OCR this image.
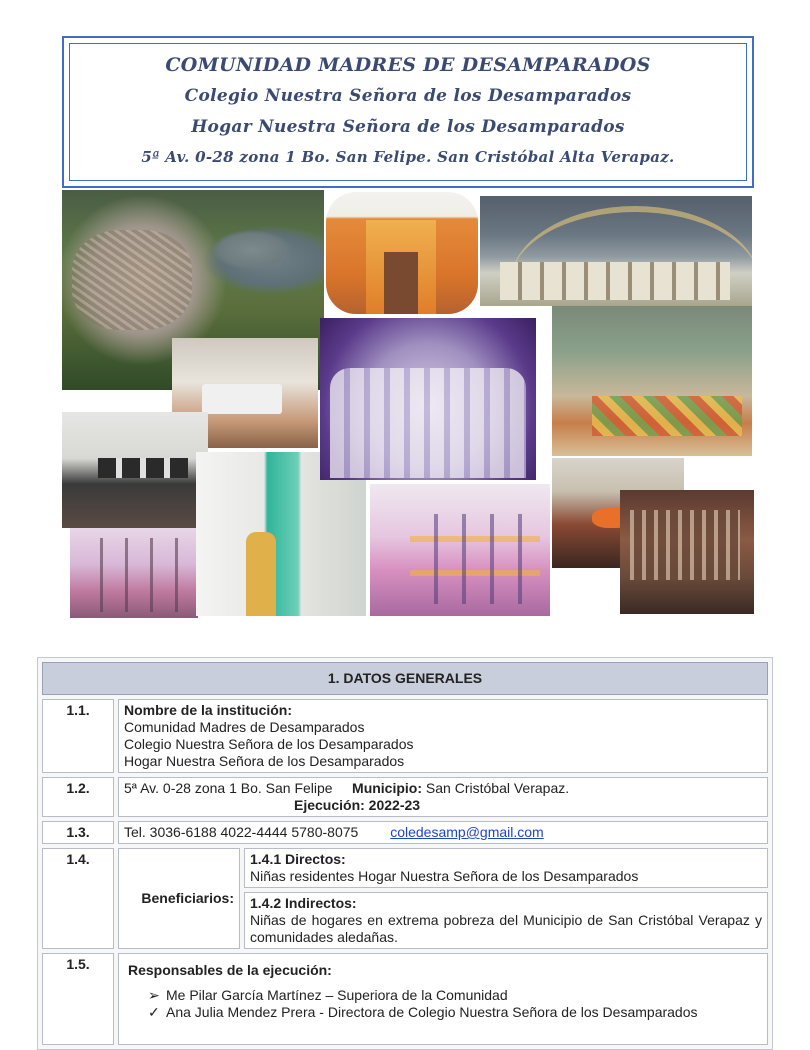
COMUNIDAD MADRES DE DESAMPARADOS
Colegio Nuestra Señora de los Desamparados
Hogar Nuestra Señora de los Desamparados
5ª Av. 0-28 zona 1 Bo. San Felipe. San Cristóbal Alta Verapaz.
1. DATOS GENERALES
1.1.	Nombre de la institución:
Comunidad Madres de Desamparados
Colegio Nuestra Señora de los Desamparados
Hogar Nuestra Señora de los Desamparados

1.2.	5ª Av. 0-28 zona 1 Bo. San Felipe Municipio: San Cristóbal Verapaz.
Ejecución: 2022-23

1.3.	Tel. 3036-6188 4022-4444 5780-8075 coledesamp@gmail.com
1.4.	Beneficiarios:	
1.4.1 Directos:
Niñas residentes Hogar Nuestra Señora de los Desamparados

1.4.2 Indirectos:
Niñas de hogares en extrema pobreza del Municipio de San Cristóbal Verapaz y comunidades aledañas.

1.5.	Responsables de la ejecución:
➢ Me Pilar García Martínez – Superiora de la Comunidad
✓ Ana Julia Mendez Prera - Directora de Colegio Nuestra Señora de los Desamparados
